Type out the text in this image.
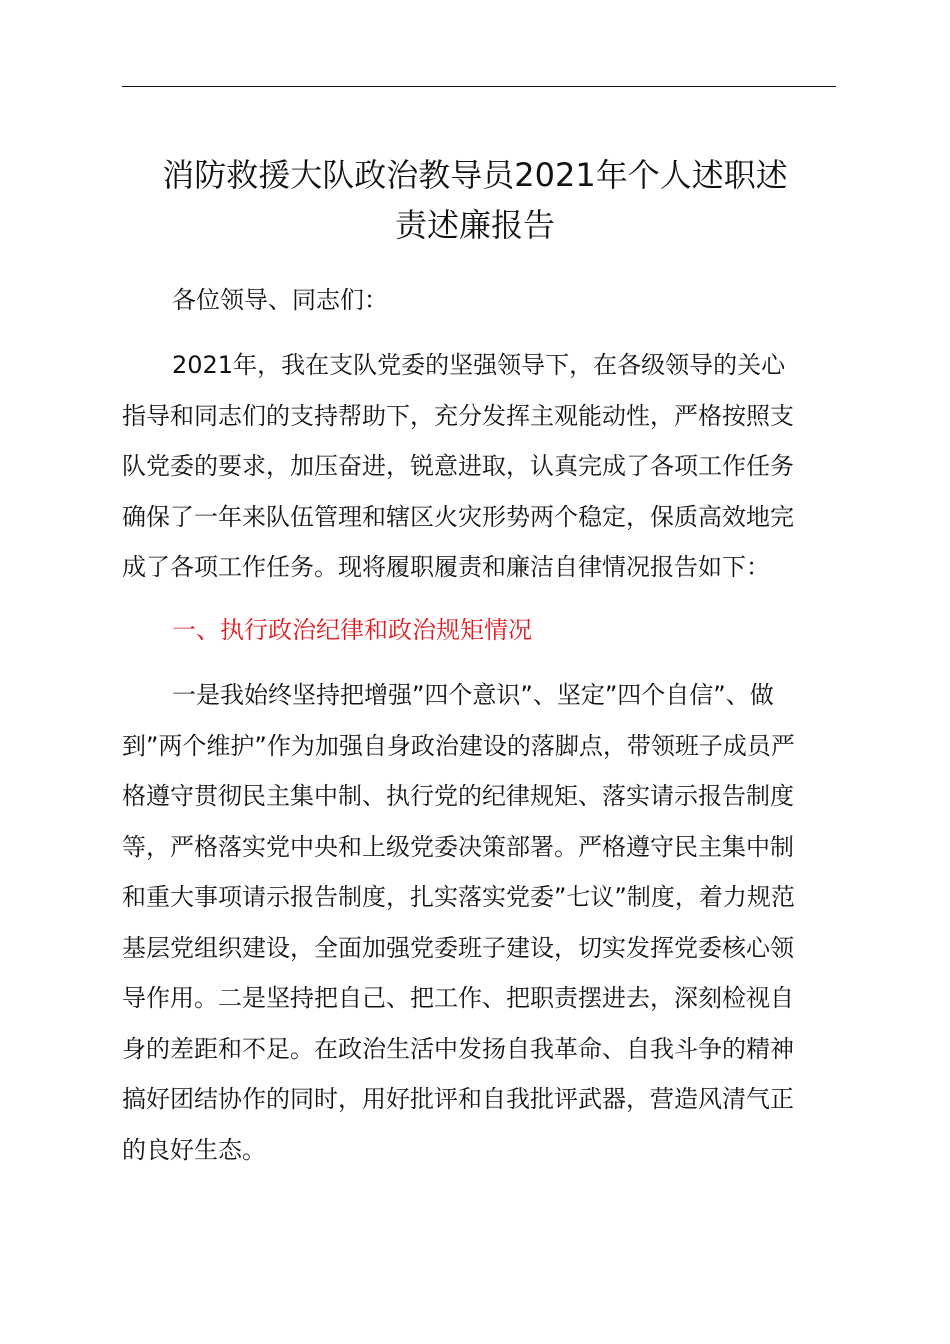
消防救援大队政治教导员2021年个人述职述
责述廉报告
各位领导、同志们：
2021年，我在支队党委的坚强领导下，在各级领导的关心
指导和同志们的支持帮助下，充分发挥主观能动性，严格按照支
队党委的要求，加压奋进，锐意进取，认真完成了各项工作任务
确保了一年来队伍管理和辖区火灾形势两个稳定，保质高效地完
成了各项工作任务。现将履职履责和廉洁自律情况报告如下：
一、执行政治纪律和政治规矩情况
一是我始终坚持把增强”四个意识”、坚定”四个自信”、做
到”两个维护”作为加强自身政治建设的落脚点，带领班子成员严
格遵守贯彻民主集中制、执行党的纪律规矩、落实请示报告制度
等，严格落实党中央和上级党委决策部署。严格遵守民主集中制
和重大事项请示报告制度，扎实落实党委”七议”制度，着力规范
基层党组织建设，全面加强党委班子建设，切实发挥党委核心领
导作用。二是坚持把自己、把工作、把职责摆进去，深刻检视自
身的差距和不足。在政治生活中发扬自我革命、自我斗争的精神
搞好团结协作的同时，用好批评和自我批评武器，营造风清气正
的良好生态。
